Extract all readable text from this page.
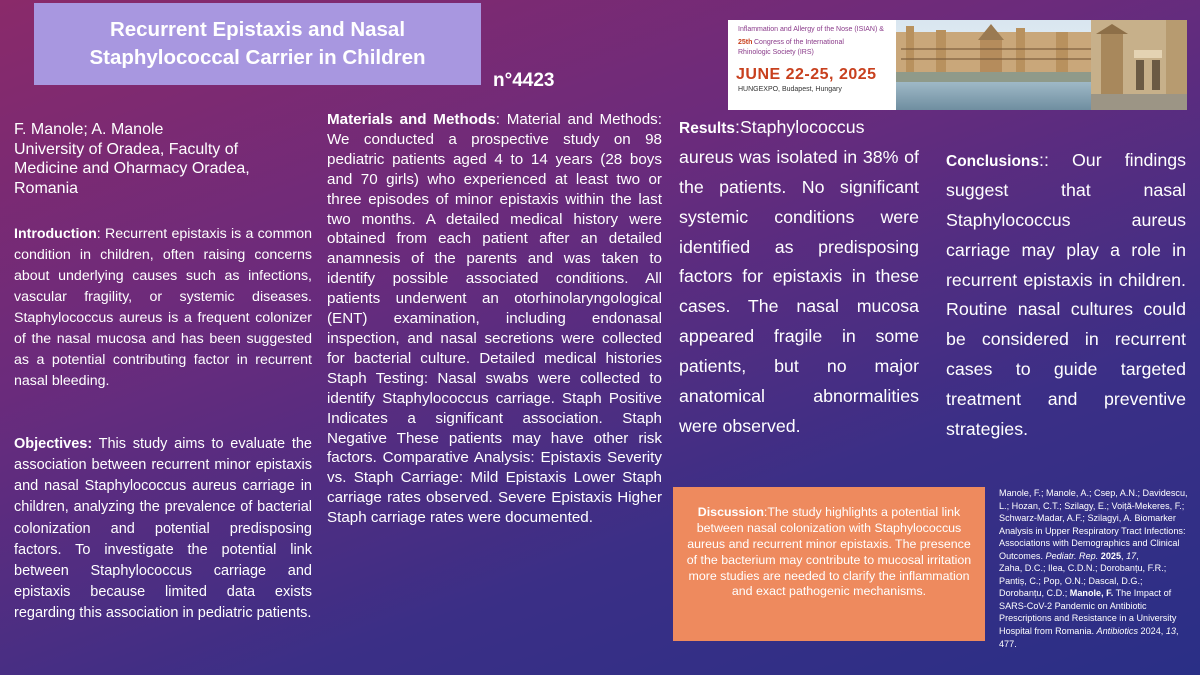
Recurrent Epistaxis and Nasal
Staphylococcal Carrier in Children
n°4423
Inflammation and Allergy of the Nose (ISIAN) &
25th Congress of the International
Rhinologic Society (IRS)
JUNE 22-25, 2025
HUNGEXPO, Budapest, Hungary
F. Manole; A. Manole
University of Oradea, Faculty of
Medicine and Oharmacy Oradea,
Romania
Introduction: Recurrent epistaxis is a common condition in children, often raising concerns about underlying causes such as infections, vascular fragility, or systemic diseases. Staphylococcus aureus is a frequent colonizer of the nasal mucosa and has been suggested as a potential contributing factor in recurrent nasal bleeding.
Objectives: This study aims to evaluate the association between recurrent minor epistaxis and nasal Staphylococcus aureus carriage in children, analyzing the prevalence of bacterial colonization and potential predisposing factors. To investigate the potential link between Staphylococcus carriage and epistaxis because limited data exists regarding this association in pediatric patients.
Materials and Methods: Material and Methods: We conducted a prospective study on 98 pediatric patients aged 4 to 14 years (28 boys and 70 girls) who experienced at least two or three episodes of minor epistaxis within the last two months. A detailed medical history were obtained from each patient after an detailed anamnesis of the parents and was taken to identify possible associated conditions. All patients underwent an otorhinolaryngological (ENT) examination, including endonasal inspection, and nasal secretions were collected for bacterial culture. Detailed medical histories Staph Testing: Nasal swabs were collected to identify Staphylococcus carriage. Staph Positive Indicates a significant association. Staph Negative These patients may have other risk factors. Comparative Analysis: Epistaxis Severity vs. Staph Carriage: Mild Epistaxis Lower Staph carriage rates observed. Severe Epistaxis Higher Staph carriage rates were documented.
Results:Staphylococcus aureus was isolated in 38% of the patients. No significant systemic conditions were identified as predisposing factors for epistaxis in these cases. The nasal mucosa appeared fragile in some patients, but no major anatomical abnormalities were observed.
Conclusions:: Our findings suggest that nasal Staphylococcus aureus carriage may play a role in recurrent epistaxis in children. Routine nasal cultures could be considered in recurrent cases to guide targeted treatment and preventive strategies.
Discussion:The study highlights a potential link between nasal colonization with Staphylococcus aureus and recurrent minor epistaxis. The presence of the bacterium may contribute to mucosal irritation more studies are needed to clarify the inflammation and exact pathogenic mechanisms.
Manole, F.; Manole, A.; Csep, A.N.; Davidescu, L.; Hozan, C.T.; Szilagy, E.; Voiță-Mekeres, F.; Schwarz-Madar, A.F.; Szilagyi, A. Biomarker Analysis in Upper Respiratory Tract Infections: Associations with Demographics and Clinical Outcomes. Pediatr. Rep. 2025, 17,
Zaha, D.C.; Ilea, C.D.N.; Dorobanțu, F.R.; Pantiș, C.; Pop, O.N.; Dascal, D.G.; Dorobanțu, C.D.; Manole, F. The Impact of SARS-CoV-2 Pandemic on Antibiotic Prescriptions and Resistance in a University Hospital from Romania. Antibiotics 2024, 13, 477.
